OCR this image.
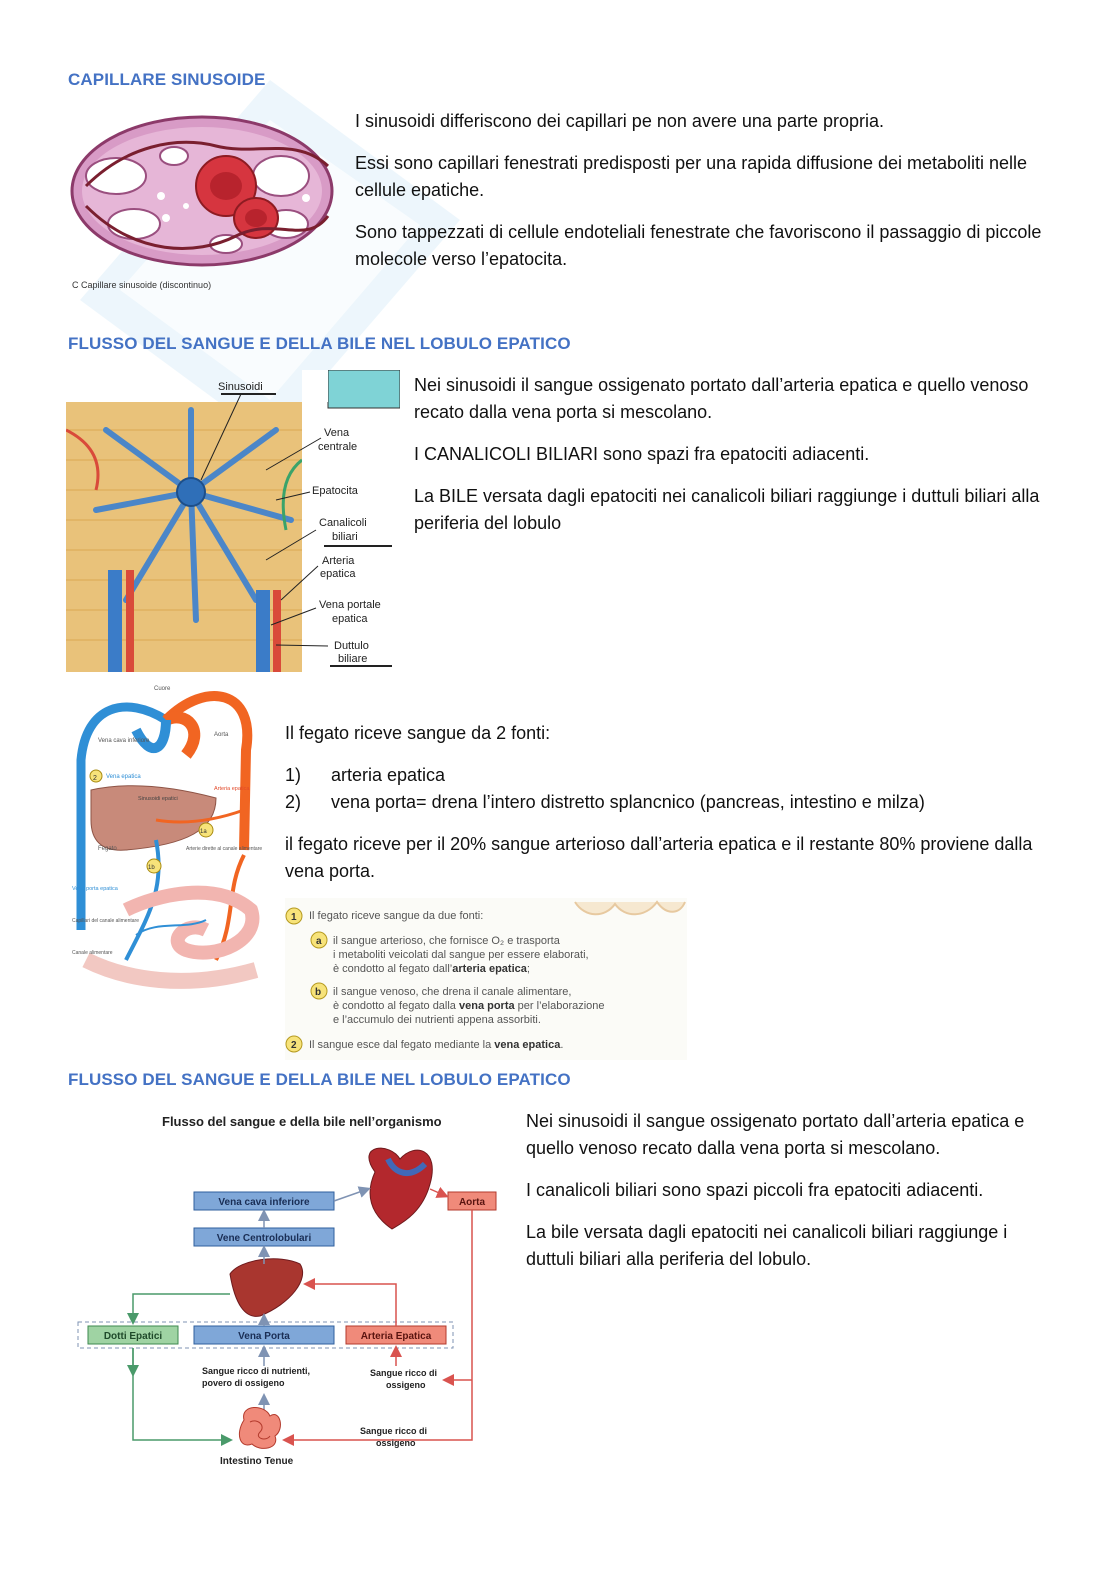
CAPILLARE SINUSOIDE
C Capillare sinusoide (discontinuo)

I sinusoidi differiscono dei capillari pe non avere una parte propria.

Essi sono capillari fenestrati predisposti per una rapida diffusione dei metaboliti nelle cellule epatiche.

Sono tappezzati di cellule endoteliali fenestrate che favoriscono il passaggio di piccole molecole verso l’epatocita.

FLUSSO DEL SANGUE E DELLA BILE NEL LOBULO EPATICO
Sinusoidi
Vena
centrale
Epatocita
Canalicoli
biliari
Arteria
epatica
Vena portale
epatica
Duttulo
biliare

Nei sinusoidi il sangue ossigenato portato dall’arteria epatica e quello venoso recato dalla vena porta si mescolano.

I CANALICOLI BILIARI sono spazi fra epatociti adiacenti.

La BILE versata dagli epatociti nei canalicoli biliari raggiunge i duttuli biliari alla periferia del lobulo

2
1a
1b
Cuore
Vena cava inferiore
Aorta
Vena epatica
Arteria epatica
Sinusoidi epatici
Fegato	Arterie dirette al canale alimentare
Vena porta epatica
Capillari del canale alimentare
Canale alimentare

Il fegato riceve sangue da 2 fonti:

1)	arteria epatica
2)	vena porta= drena l’intero distretto splancnico (pancreas, intestino e milza)

il fegato riceve per il 20% sangue arterioso dall’arteria epatica e il restante 80% proviene dalla vena porta.

1 Il fegato riceve sangue da due fonti:
a il sangue arterioso, che fornisce O₂ e trasporta
i metaboliti veicolati dal sangue per essere elaborati,
è condotto al fegato dall’arteria epatica;
b il sangue venoso, che drena il canale alimentare,
è condotto al fegato dalla vena porta per l’elaborazione
e l’accumulo dei nutrienti appena assorbiti.
2 Il sangue esce dal fegato mediante la vena epatica.
FLUSSO DEL SANGUE E DELLA BILE NEL LOBULO EPATICO
Flusso del sangue e della bile nell’organismo
Vena cava inferiore
Vene Centrolobulari
Aorta
Dotti Epatici	Vena Porta	Arteria Epatica
Sangue ricco di nutrienti,
povero di ossigeno
Sangue ricco di
ossigeno
Sangue ricco di
ossigeno
Intestino Tenue

Nei sinusoidi il sangue ossigenato portato dall’arteria epatica e quello venoso recato dalla vena porta si mescolano.

I canalicoli biliari sono spazi piccoli fra epatociti adiacenti.

La bile versata dagli epatociti nei canalicoli biliari raggiunge i duttuli biliari alla periferia del lobulo.
